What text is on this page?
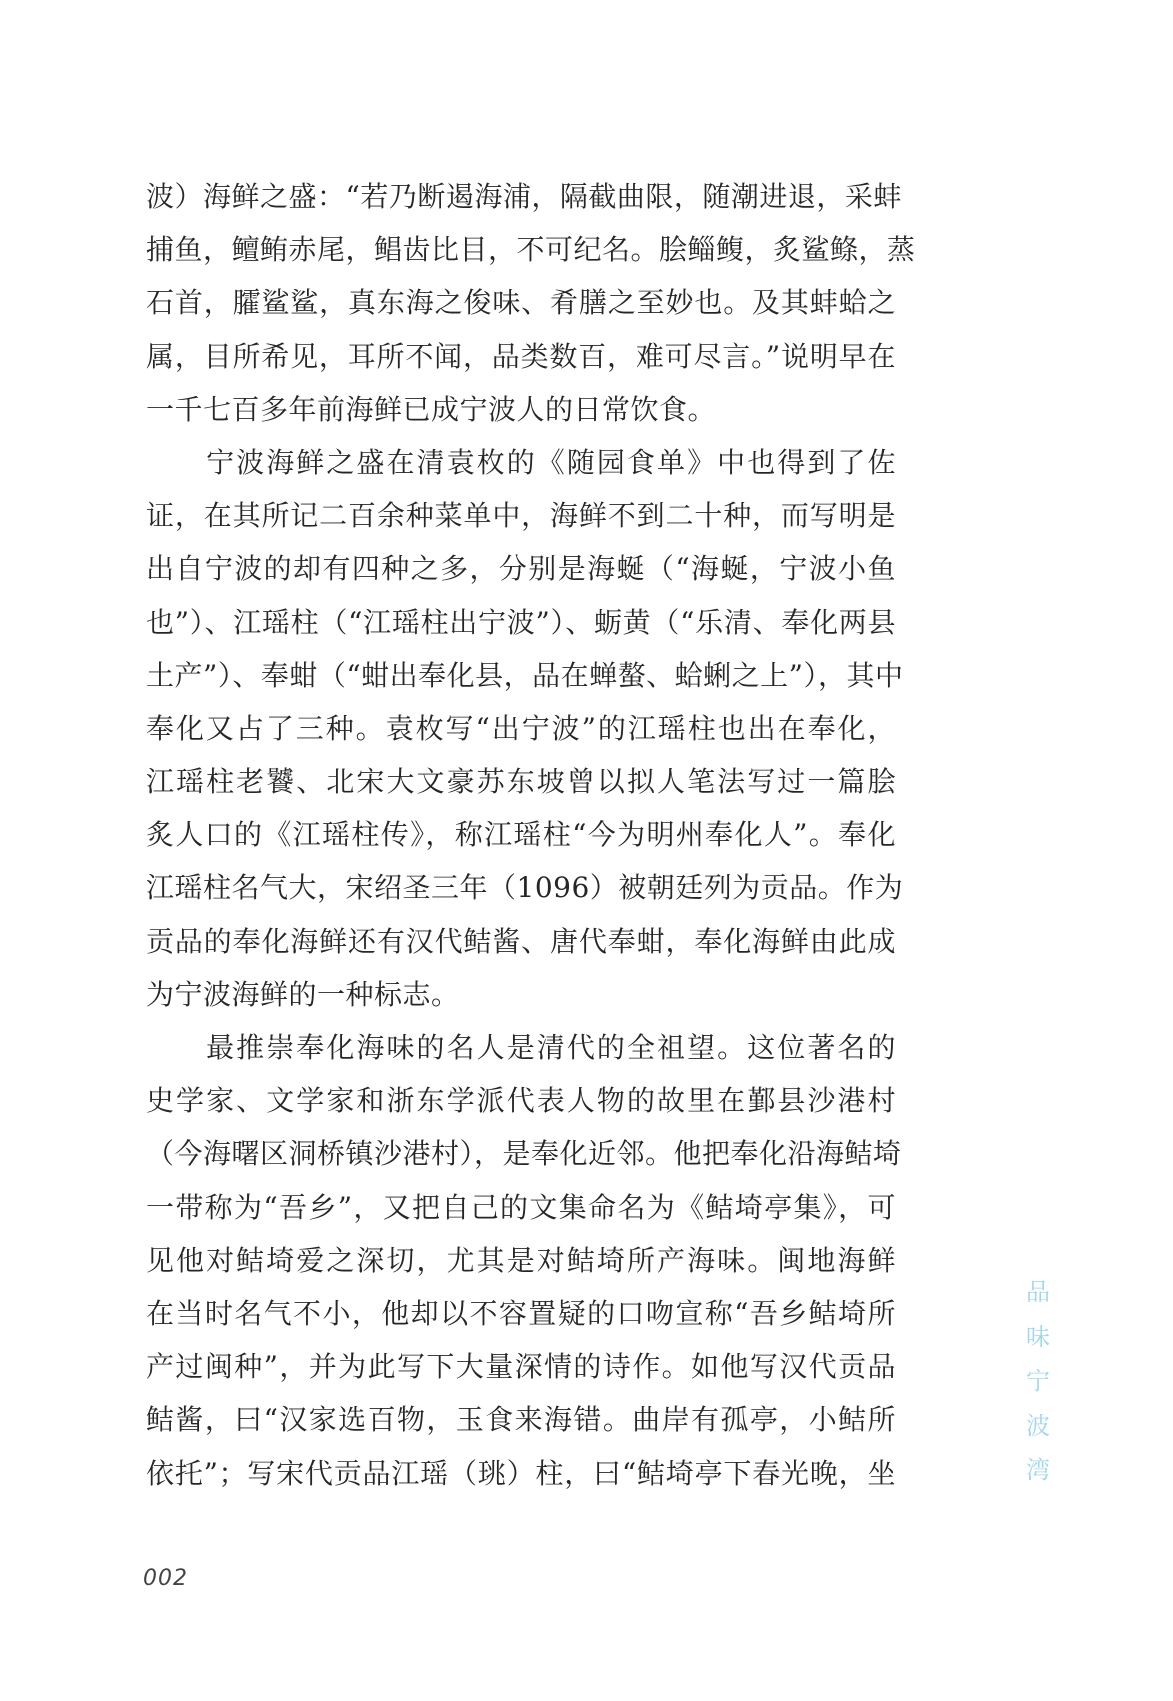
波）海鲜之盛：“若乃断遏海浦，隔截曲限，随潮进退，采蚌
捕鱼，鳣鲔赤尾，鲳齿比目，不可纪名。脍鲻鳆，炙鲨鲦，蒸
石首，臛鲨鲨，真东海之俊味、肴膳之至妙也。及其蚌蛤之
属，目所希见，耳所不闻，品类数百，难可尽言。”说明早在
一千七百多年前海鲜已成宁波人的日常饮食。
　　宁波海鲜之盛在清袁枚的《随园食单》中也得到了佐
证，在其所记二百余种菜单中，海鲜不到二十种，而写明是
出自宁波的却有四种之多，分别是海蜒（“海蜒，宁波小鱼
也”）、江瑶柱（“江瑶柱出宁波”）、蛎黄（“乐清、奉化两县
土产”）、奉蚶（“蚶出奉化县，品在蝉螯、蛤蜊之上”），其中
奉化又占了三种。袁枚写“出宁波”的江瑶柱也出在奉化，
江瑶柱老饕、北宋大文豪苏东坡曾以拟人笔法写过一篇脍
炙人口的《江瑶柱传》，称江瑶柱“今为明州奉化人”。奉化
江瑶柱名气大，宋绍圣三年（1096）被朝廷列为贡品。作为
贡品的奉化海鲜还有汉代鲒酱、唐代奉蚶，奉化海鲜由此成
为宁波海鲜的一种标志。
　　最推崇奉化海味的名人是清代的全祖望。这位著名的
史学家、文学家和浙东学派代表人物的故里在鄞县沙港村
（今海曙区洞桥镇沙港村），是奉化近邻。他把奉化沿海鲒埼
一带称为“吾乡”，又把自己的文集命名为《鲒埼亭集》，可
见他对鲒埼爱之深切，尤其是对鲒埼所产海味。闽地海鲜
在当时名气不小，他却以不容置疑的口吻宣称“吾乡鲒埼所
产过闽种”，并为此写下大量深情的诗作。如他写汉代贡品
鲒酱，曰“汉家选百物，玉食来海错。曲岸有孤亭，小鲒所
依托”；写宋代贡品江瑶（珧）柱，曰“鲒埼亭下春光晚，坐
品
味
宁
波
湾
002
